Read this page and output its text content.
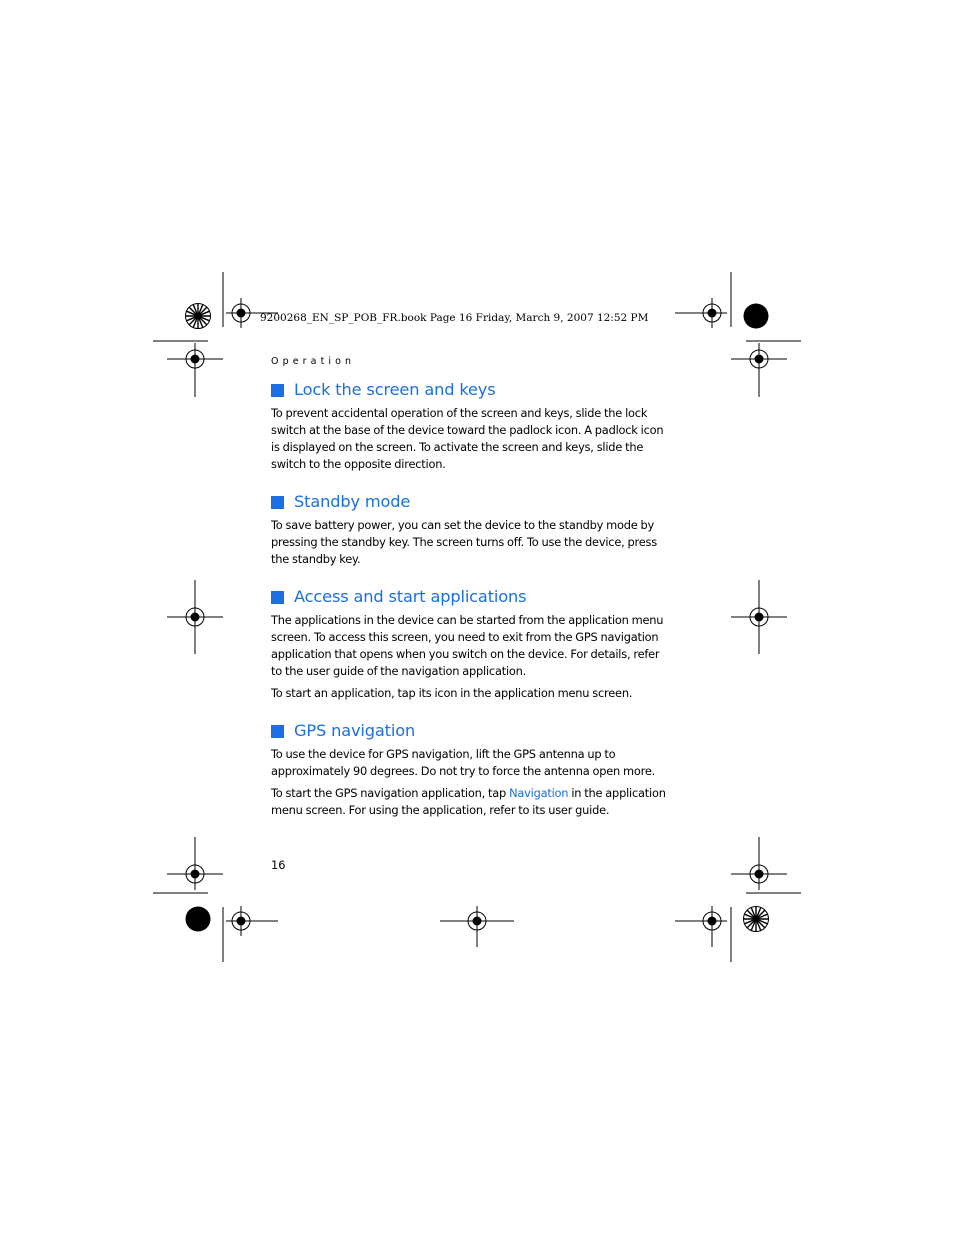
9200268_EN_SP_POB_FR.book Page 16 Friday, March 9, 2007 12:52 PM
Operation
Lock the screen and keys

To prevent accidental operation of the screen and keys, slide the lock switch at the base of the device toward the padlock icon. A padlock icon is displayed on the screen. To activate the screen and keys, slide the switch to the opposite direction.

Standby mode

To save battery power, you can set the device to the standby mode by pressing the standby key. The screen turns off. To use the device, press the standby key.

Access and start applications

The applications in the device can be started from the application menu screen. To access this screen, you need to exit from the GPS navigation application that opens when you switch on the device. For details, refer to the user guide of the navigation application.

To start an application, tap its icon in the application menu screen.

GPS navigation

To use the device for GPS navigation, lift the GPS antenna up to approximately 90 degrees. Do not try to force the antenna open more.

To start the GPS navigation application, tap Navigation in the application menu screen. For using the application, refer to its user guide.

16
